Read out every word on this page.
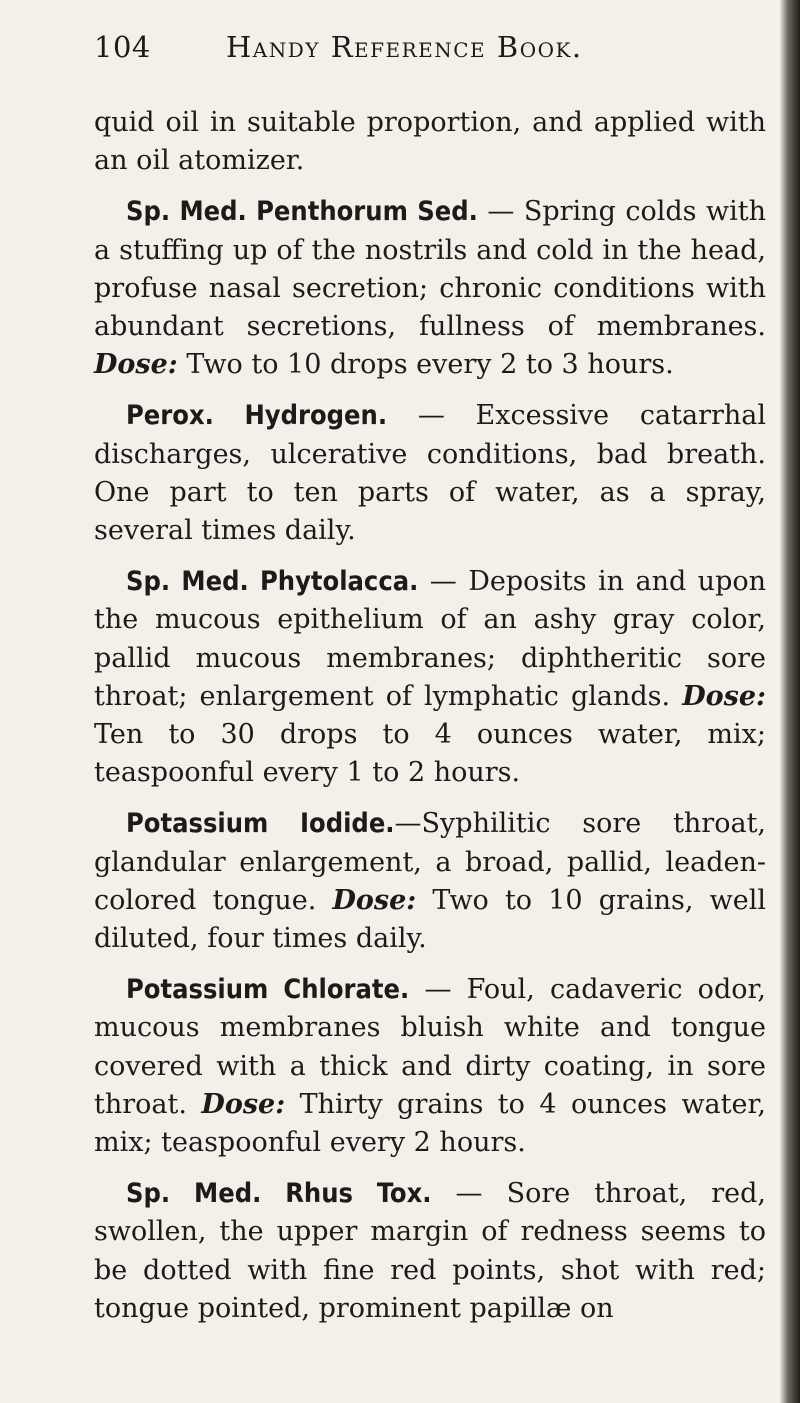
104	Handy Reference Book.

quid oil in suitable proportion, and applied with an oil atomizer.

Sp. Med. Penthorum Sed. — Spring colds with a stuffing up of the nostrils and cold in the head, profuse nasal secretion; chronic conditions with abundant secretions, fullness of membranes. Dose: Two to 10 drops every 2 to 3 hours.

Perox. Hydrogen. — Excessive catarrhal discharges, ulcerative conditions, bad breath. One part to ten parts of water, as a spray, several times daily.

Sp. Med. Phytolacca. — Deposits in and upon the mucous epithelium of an ashy gray color, pallid mucous membranes; diphtheritic sore throat; enlargement of lymphatic glands. Dose: Ten to 30 drops to 4 ounces water, mix; teaspoonful every 1 to 2 hours.

Potassium Iodide.—Syphilitic sore throat, glandular enlargement, a broad, pallid, leaden-colored tongue. Dose: Two to 10 grains, well diluted, four times daily.

Potassium Chlorate. — Foul, cadaveric odor, mucous membranes bluish white and tongue covered with a thick and dirty coating, in sore throat. Dose: Thirty grains to 4 ounces water, mix; teaspoonful every 2 hours.

Sp. Med. Rhus Tox. — Sore throat, red, swollen, the upper margin of redness seems to be dotted with fine red points, shot with red; tongue pointed, prominent papillæ on
